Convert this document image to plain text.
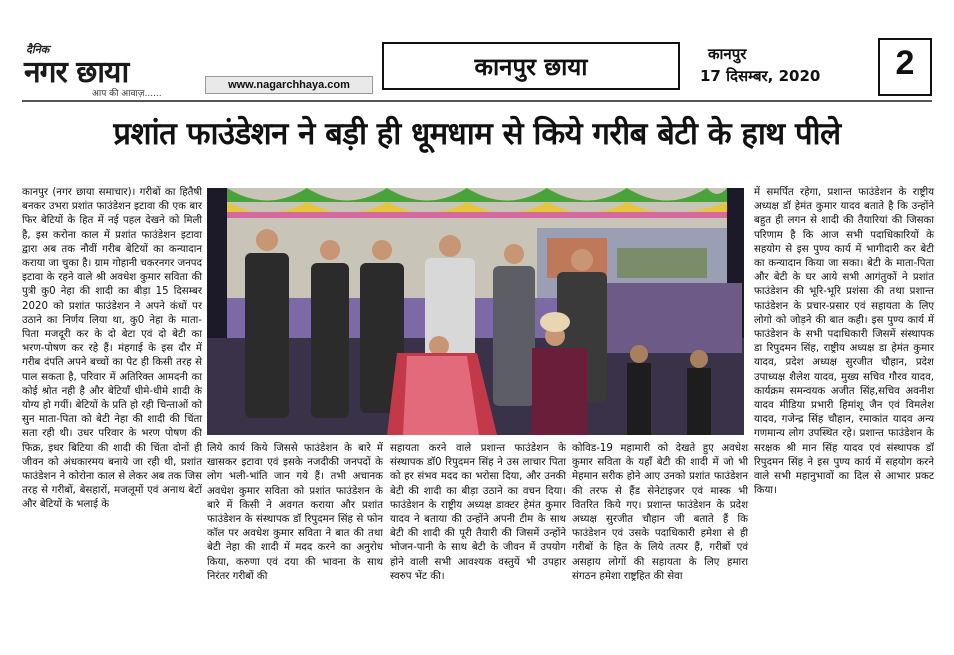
दैनिक
नगर छाया
आप की आवाज़......
www.nagarchhaya.com
कानपुर छाया	कानपुर
17 दिसम्बर, 2020	2
प्रशांत फाउंडेशन ने बड़ी ही धूमधाम से किये गरीब बेटी के हाथ पीले
कानपुर (नगर छाया समाचार)। गरीबों का हितैषी बनकर उभरा प्रशांत फाउंडेशन इटावा की एक बार फिर बेटियों के हित में नई पहल देखने को मिली है, इस करोना काल में प्रशांत फाउंडेशन इटावा द्वारा अब तक नौवीं गरीब बेटियों का कन्यादान कराया जा चुका है। ग्राम गोहानी चकरनगर जनपद इटावा के रहने वाले श्री अवधेश कुमार सविता की पुत्री कु0 नेहा की शादी का बीड़ा 15 दिसम्बर 2020 को प्रशांत फाउंडेशन ने अपने कंधों पर उठाने का निर्णय लिया था, कु0 नेहा के माता-पिता मजदूरी कर के दो बेटा एवं दो बेटी का भरण-पोषण कर रहे हैं। मंहगाई के इस दौर में गरीब दंपति अपने बच्चों का पेट ही किसी तरह से पाल सकता है, परिवार में अतिरिक्त आमदनी का कोई श्रोत नही है और बेटियाँ धीमे-धीमे शादी के योग्य हो गयीं। बेटियों के प्रति हो रही चिन्ताओं को सुन माता-पिता को बेटी नेहा की शादी की चिंता सता रही थी। उधर परिवार के भरण पोषण की फिक्र, इधर बिटिया की शादी की चिंता दोनों ही जीवन को अंधकारमय बनाये जा रही थी, प्रशांत फाउंडेशन ने कोरोना काल से लेकर अब तक जिस तरह से गरीबों, बेसहारों, मजलूमों एवं अनाथ बेटों और बेटियों के भलाई के
लिये कार्य किये जिससे फाउंडेशन के बारे में खासकर इटावा एवं इसके नजदीकी जनपदों के लोग भली-भांति जान गये हैं। तभी अचानक अवधेश कुमार सविता को प्रशांत फाउंडेशन के बारे में किसी ने अवगत कराया और प्रशांत फाउंडेशन के संस्थापक डॉ रिपुदमन सिंह से फोन कॉल पर अवधेश कुमार सविता ने बात की तथा बेटी नेहा की शादी में मदद करने का अनुरोध किया, करुणा एवं दया की भावना के साथ निरंतर गरीबों की
सहायता करने वाले प्रशान्त फाउंडेशन के संस्थापक डॉ0 रिपुदमन सिंह ने उस लाचार पिता को हर संभव मदद का भरोसा दिया, और उनकी बेटी की शादी का बीड़ा उठाने का वचन दिया। फाउंडेशन के राष्ट्रीय अध्यक्ष डाक्टर हेमंत कुमार यादव ने बताया की उन्होंने अपनी टीम के साथ बेटी की शादी की पूरी तैयारी की जिसमें उन्होंने भोजन-पानी के साथ बेटी के जीवन में उपयोग होने वाली सभी आवश्यक वस्तुयें भी उपहार स्वरुप भेंट की।
कोविड-19 महामारी को देखते हुए अवधेश कुमार सविता के यहाँ बेटी की शादी में जो भी मेहमान सरीक होने आए उनको प्रशांत फाउंडेशन की तरफ से हैंड सेनेटाइजर एवं मास्क भी वितरित किये गए। प्रशान्त फाउंडेशन के प्रदेश अध्यक्ष सुरजीत चौहान जी बताते हैं कि फाउंडेशन एवं उसके पदाधिकारी हमेशा से ही गरीबों के हित के लिये तत्पर हैं, गरीबों एवं असहाय लोगों की सहायता के लिए हमारा संगठन हमेशा राष्ट्रहित की सेवा
में समर्पित रहेगा, प्रशान्त फाउंडेशन के राष्ट्रीय अध्यक्ष डॉ हेमंत कुमार यादव बताते है कि उन्होंने बहुत ही लगन से शादी की तैयारियां की जिसका परिणाम है कि आज सभी पदाधिकारियों के सहयोग से इस पुण्य कार्य में भागीदारी कर बेटी का कन्यादान किया जा सका। बेटी के माता-पिता और बेटी के घर आये सभी आगंतुकों ने प्रशांत फाउंडेशन की भूरि-भूरि प्रशंसा की तथा प्रशान्त फाउंडेशन के प्रचार-प्रसार एवं सहायता के लिए लोगो को जोड़ने की बात कही। इस पुण्य कार्य में फाउंडेशन के सभी पदाधिकारी जिसमें संस्थापक डा रिपुदमन सिंह, राष्ट्रीय अध्यक्ष डा हेमंत कुमार यादव, प्रदेश अध्यक्ष सुरजीत चौहान, प्रदेश उपाध्यक्ष शैलेश यादव, मुख्य सचिव गौरव यादव, कार्यक्रम समन्वयक अजीत सिंह,सचिव अवनीश यादव मीडिया प्रभारी हिमांशू जैन एवं विमलेश यादव, गजेन्द्र सिंह चौहान, रमाकांत यादव अन्य गणमान्य लोग उपस्थित रहे। प्रशान्त फाउंडेशन के सरक्षक श्री मान सिंह यादव एवं संस्थापक डॉ रिपुदमन सिंह ने इस पुण्य कार्य में सहयोग करने वाले सभी महानुभावों का दिल से आभार प्रकट किया।
